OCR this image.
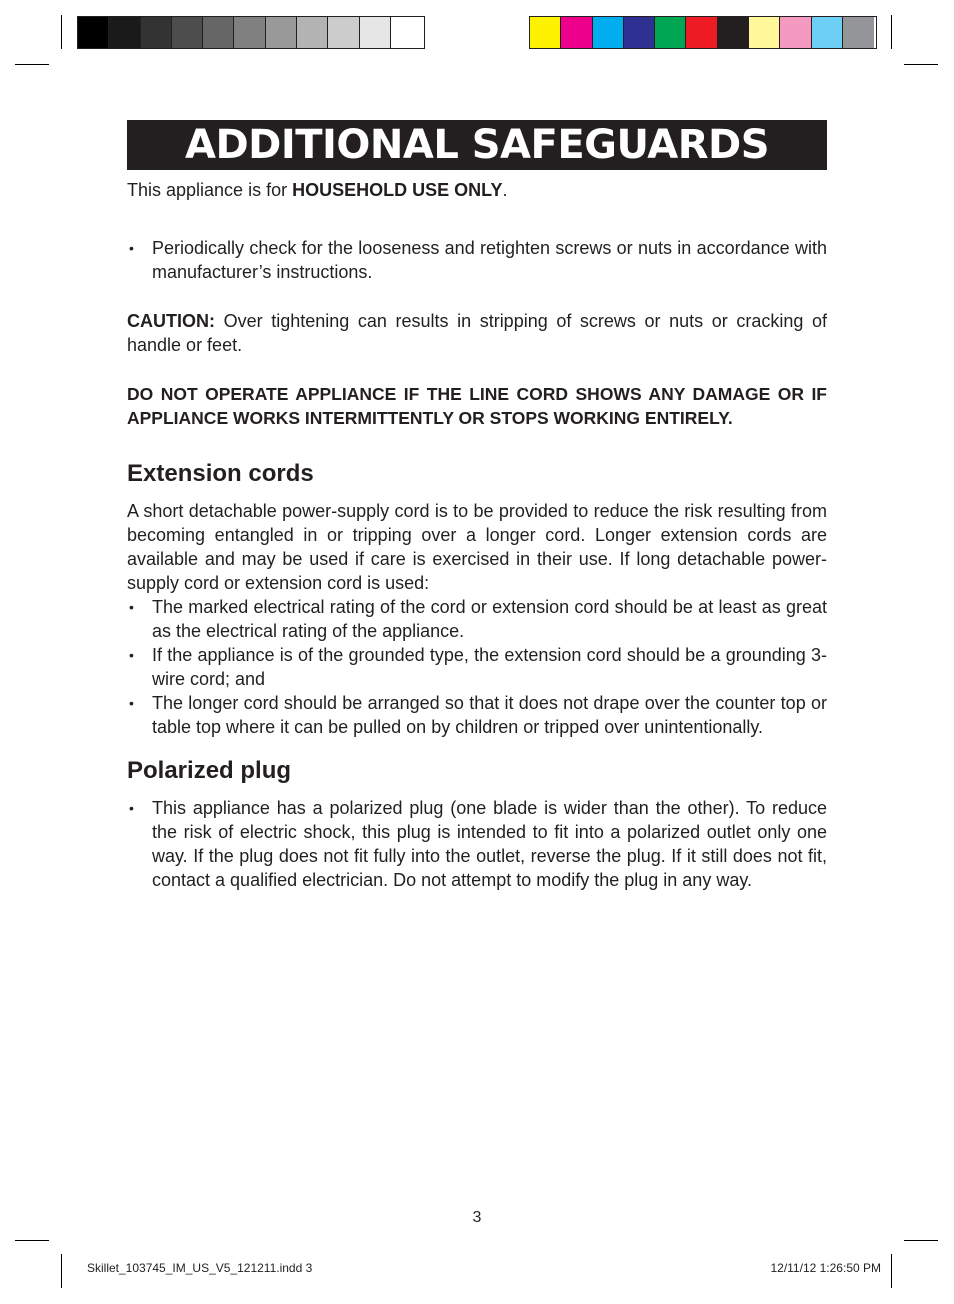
ADDITIONAL SAFEGUARDS

This appliance is for HOUSEHOLD USE ONLY.

• Periodically check for the looseness and retighten screws or nuts in accordance with manufacturer’s instructions.

CAUTION: Over tightening can results in stripping of screws or nuts or cracking of handle or feet.

DO NOT OPERATE APPLIANCE IF THE LINE CORD SHOWS ANY DAMAGE OR IF APPLIANCE WORKS INTERMITTENTLY OR STOPS WORKING ENTIRELY.

Extension cords

A short detachable power-supply cord is to be provided to reduce the risk resulting from becoming entangled in or tripping over a longer cord. Longer extension cords are available and may be used if care is exercised in their use. If long detachable power-supply cord or extension cord is used:

• The marked electrical rating of the cord or extension cord should be at least as great as the electrical rating of the appliance.
• If the appliance is of the grounded type, the extension cord should be a grounding 3-wire cord; and
• The longer cord should be arranged so that it does not drape over the counter top or table top where it can be pulled on by children or tripped over unintentionally.
Polarized plug
• This appliance has a polarized plug (one blade is wider than the other). To reduce the risk of electric shock, this plug is intended to fit into a polarized outlet only one way. If the plug does not fit fully into the outlet, reverse the plug. If it still does not fit, contact a qualified electrician. Do not attempt to modify the plug in any way.
3
Skillet_103745_IM_US_V5_121211.indd 3	12/11/12 1:26:50 PM
